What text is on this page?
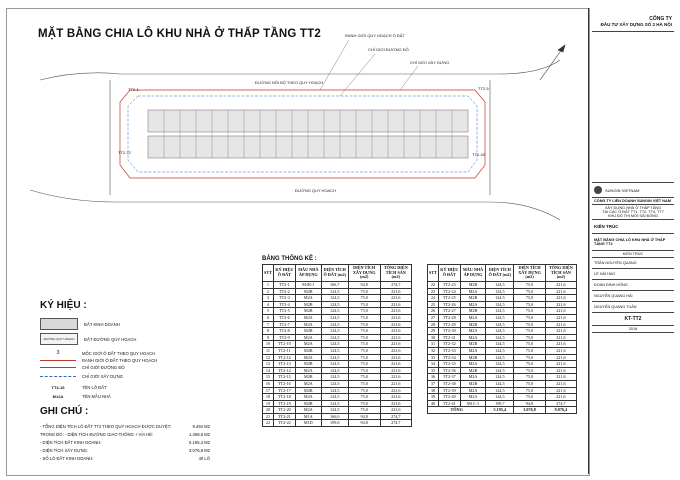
MẶT BẰNG CHIA LÔ KHU NHÀ Ở THẤP TẦNG TT2	RANH GIỚI QUY HOẠCH Ô ĐẤT
CHỈ GIỚI ĐƯỜNG ĐỎ
CHỈ GIỚI XÂY DỰNG
ĐƯỜNG NỘI BỘ THEO QUY HOẠCH
ĐƯỜNG QUY HOẠCH
TT2-1
TT2-72
TT2-5
TT2-43
BẢNG THỐNG KÊ :
STT	KÝ HIỆU Ô ĐẤT	MẪU NHÀ ÁP DỤNG	DIỆN TÍCH Ô ĐẤT (m2)	DIỆN TÍCH XÂY DỰNG (m2)	TỔNG DIỆN TÍCH SÀN (m2)
1	TT2-1	M1B-1	166,7	94,8	274,7
2	TT2-2	M2B	124,5	75,0	221,6
3	TT2-3	M2A	124,5	75,0	221,6
4	TT2-4	M2B	124,5	75,0	221,6
5	TT2-5	M2B	124,5	75,0	221,6
6	TT2-6	M2A	124,5	75,0	221,6
7	TT2-7	M2A	124,5	75,0	221,6
8	TT2-8	M2B	124,5	75,0	221,6
9	TT2-9	M2A	124,5	75,0	221,6
10	TT2-10	M2A	124,5	75,0	221,6
11	TT2-11	M2B	124,5	75,0	221,6
12	TT2-12	M2A	124,5	75,0	221,6
13	TT2-13	M2B	124,5	75,0	221,6
14	TT2-14	M2A	124,5	75,0	221,6
15	TT2-15	M2B	124,5	75,0	221,6
16	TT2-16	M2A	124,5	75,0	221,6
17	TT2-17	M2B	124,5	75,0	221,6
18	TT2-18	M2A	124,5	75,0	221,6
19	TT2-19	M2B	124,5	75,0	221,6
20	TT2-20	M2A	124,5	75,0	221,6
21	TT2-21	M1A	166,0	94,8	274,7
22	TT2-22	M1D	199,6	94,8	274,7
STT	KÝ HIỆU Ô ĐẤT	MẪU NHÀ ÁP DỤNG	DIỆN TÍCH Ô ĐẤT (m2)	DIỆN TÍCH XÂY DỰNG (m2)	TỔNG DIỆN TÍCH SÀN (m2)
22	TT2-23	M2B	124,5	75,0	221,6
23	TT2-24	M2A	124,5	75,0	221,6
24	TT2-25	M2B	124,5	75,0	221,6
25	TT2-26	M2A	124,5	75,0	221,6
26	TT2-27	M2B	124,5	75,0	221,6
27	TT2-28	M2A	124,5	75,0	221,6
28	TT2-29	M2B	124,5	75,0	221,6
29	TT2-30	M2A	124,5	75,0	221,6
30	TT2-31	M2A	124,5	75,0	221,6
31	TT2-32	M2B	124,5	75,0	221,6
32	TT2-33	M2A	124,5	75,0	221,6
33	TT2-34	M2B	124,5	75,0	221,6
34	TT2-35	M2A	124,5	75,0	221,6
35	TT2-36	M2B	124,5	75,0	221,6
36	TT2-37	M2A	124,5	75,0	221,6
37	TT2-38	M2B	124,5	75,0	221,6
38	TT2-39	M2A	124,5	75,0	221,6
39	TT2-40	M2A	124,5	75,0	221,6
40	TT2-41	M1C-1	199,7	94,8	274,7
TỔNG			5.195,4	3.076,8	9.876,4
KÝ HIỆU :
ĐẤT KINH DOANH
ĐƯỜNG QUY HOẠCH	ĐẤT ĐƯỜNG QUY HOẠCH
3	MỐC GIỚI Ô ĐẤT THEO QUY HOẠCH
RANH GIỚI Ô ĐẤT THEO QUY HOẠCH
CHỈ GIỚI ĐƯỜNG ĐỎ
CHỈ GIỚI XÂY DỰNG
TT4-15	TÊN LÔ ĐẤT
M12A	TÊN MẪU NHÀ
GHI CHÚ :
- TỔNG DIỆN TÍCH LÔ ĐẤT TT2 THEO QUY HOẠCH ĐƯỢC DUYỆT:	9.494 M2
TRONG ĐÓ: - DIỆN TÍCH ĐƯỜNG GIAO THÔNG + VỈA HÈ:	1.458,6 M2
- DIỆN TÍCH ĐẤT KINH DOANH:	5.195,4 M2
- DIỆN TÍCH XÂY DỰNG:	3.076,8 M2
- SỐ LÔ ĐẤT KINH DOANH:	40 LÔ
CÔNG TY
ĐẦU TƯ XÂY DỰNG SỐ 2 HÀ NỘI
SUNGIN VIETNAM
CÔNG TY LIÊN DOANH SUNGIN VIỆT NAM
XÂY DỰNG NHÀ Ở THẤP TẦNG
TẠI CÁC Ô ĐẤT TT1, TT2, TT4, TT7
KHU ĐÔ THỊ MỚI SÀI ĐỒNG
KIẾN TRÚC
MẶT BẰNG CHIA LÔ KHU NHÀ Ở THẤP TẦNG TT2
KIẾN TRÚC
TRẦN NGUYÊN QUANG
LÊ HẢI HÀO
ĐOÀN ĐÌNH HỒNG
NGUYỄN QUANG HẢI
NGUYỄN QUANG TUẤN
KT-TT2
2016
